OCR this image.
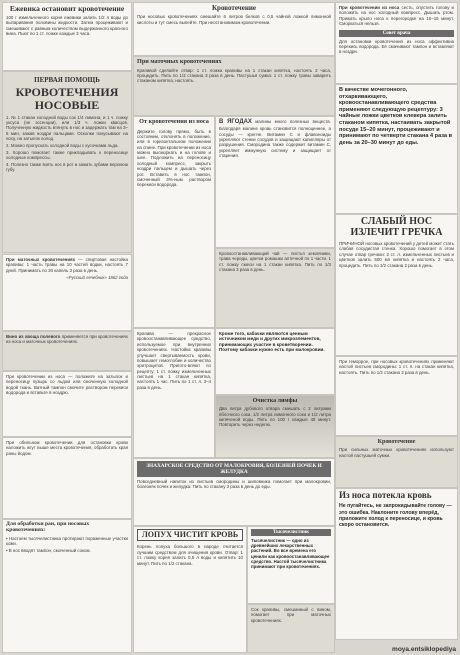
Ежевика остановит кровотечение
100 г измельченного корня ежевики залить 1/2 л воды до выпаривания половины жидкости. Затем процеживают и смешивают с равным количеством выдержанного красного вина. Пьют по 1 ст. ложке каждые 3 часа.
ПЕРВАЯ ПОМОЩЬ
КРОВОТЕЧЕНИЯ НОСОВЫЕ

1. № 1 стакан холодной воды сок 1/4 лимона, и 1 ч. ложку уксуса (не эссенции), или 1/3 ч. ложки квасцов. Полученную жидкость втянуть в нос и задержать там на 3–5 мин, зажав ноздри пальцами. Осколки покусывают на носу, на затылок холод.

2. Можно пропускать холодной воды с кусочками льда.

3. Хорошо помогает также прикладывать к переносице холодные компрессы.

4. Полезно также взять нос в рот и зажать зубами верхнюю губу.

Кровотечение
При носовых кровотечениях смешайте 6 литров белков с 0,5 чайной ложкой лимонной кислоты и тут смесь выпейте. При неостановимом кровотечении.
При маточных кровотечениях
Крапивой сделайте отвар: 1 ст. ложка крапивы на 1 стакан кипятка, настоять 2 часа, процедить. Пить по 1/2 стакана 3 раза в день. Пастушья сумка: 1 ст. ложку травы заварить стаканом кипятка, настоять.
От кровотечения из носа
Держите голову прямо, быть в состоянии, отклонять в положение, или в горизонтальном положении на спине. При кровотечении из носа можно высморкать и на голове и шее. Подложить на переносицу холодный компресс, закрыть ноздри пальцем и дышать через рот. Вставить в нос тампон, смоченный 3%-ным раствором перекиси водорода.
При кровотечении из носа сесть, опустить голову и положить на нос холодный компресс. Дышать ртом. Прижать крыло носа к перегородке на 10–15 минут. Сморкаться нельзя.
Совет врача
Для остановки кровотечения из носа эффективна перекись водорода. Её смачивают тампон и вставляют в ноздри.
В качестве мочегонного, отхаркивающего, кровоостанавливающего средства применяют следующую рецептуру: 3 чайные ложки цветков клевера залить стаканом кипятка, настаивать закрытой посуде 15–20 минут, процеживают и принимают по четверти стакана 4 раза в день за 20–30 минут до еды.
В ЯГОДАХ малины много полезных веществ. Благодаря малине кровь становится полноценнее, а сосуды — крепче. Витамин С и флавоноиды укрепляют стенки сосудов и защищают капилляры от разрушения. Смородина также содержит витамин С, укрепляет иммунную систему и защищает от старения.
Кровоостанавливающий чай — листья земляники, трава череды, цветки ромашки аптечной по 1 части. 1 ст. ложку смеси на 1 стакан кипятка. Пить по 1/3 стакана 3 раза в день.
СЛАБЫЙ НОС ИЗЛЕЧИТ ГРЕЧКА
ПРИЧИНОЙ носовых кровотечений у детей может стать слабая сосудистая стенка. Хорошо помогает в этом случае отвар гречихи: 2 ст. л. измельченных листьев и цветков залить 500 мл кипятка и настоять 2 часа, процедить. Пить по 1/2 стакана 2 раза в день.
Кроме того, кабачки являются ценным источником меди и других микроэлементов, принимающих участие в кроветворении. Поэтому кабачки нужно есть при малокровии.
При маточных кровотечениях — спиртовая настойка крапивы: 1 часть травы на 10 частей водки, настоять 7 дней. Принимать по 30 капель 3 раза в день.
«Русский лечебник» 1862 года
Вино из хвоща полевого применяется при кровотечениях из носа и маточных кровотечениях.
При кровотечении из носа — положите на затылок и переносицу пузырь со льдом или смоченную холодной водой ткань. Ватный тампон смочите раствором перекиси водорода и вставьте в ноздрю.
Крапива — прекрасное кровоостанавливающее средство, используемое при внутренних кровотечениях. Настойка крапивы улучшает свертываемость крови, повышает гемоглобин и количество эритроцитов. Пригото-вляют по рецепту: 1 ст. ложку измельченных листьев на 1 стакан кипятка, настоять 1 час. Пить по 1 ст. л. 3–4 раза в день.
Очистка лимфы
Два литра дубового отвара смешать с 2 литрами яблочного сока, 1/2 литра лимонного сока и 1/2 литра кипяченой воды. Пить по 100 г каждые 40 минут. Повторить через неделю.
При геморрое, при носовых кровотечениях применяют настой листьев смородины: 1 ст. л. на стакан кипятка, настоять. Пить по 1/2 стакана 3 раза в день.
Кровотечение
При сильных маточных кровотечениях используют настой пастушьей сумки.
ЗНАХАРСКОЕ СРЕДСТВО ОТ МАЛОКРОВИЯ, БОЛЕЗНЕЙ ПОЧЕК И ЖЕЛУДКА
Повседневный напиток из листьев смородины и шиповника помогает при малокровии, болезнях почек и желудка. Пить по стакану 3 раза в день до еды.
При обильном кровотечении для остановки крови наложить жгут выше места кровотечения, обработать края раны йодом.
Для обработки ран, при носовых кровотечениях:

• Настоем тысячелистника протирают пораженные участки кожи.

• В нос вводят тампон, смоченный соком.

ЛОПУХ ЧИСТИТ КРОВЬ
Корень лопуха большого в народе считается лучшим средством для очищения крови. Отвар: 1 ст. ложку корня залить 0,5 л воды и кипятить 10 минут. Пить по 1/2 стакана.
Тысячелистник
Тысячелистник — одно из древнейших лекарственных растений. Во все времена его ценили как кровоостанавливающее средство. Настой тысячелистника принимают при кровотечениях.
Сок крапивы, смешанный с вином, помогает при маточных кровотечениях.
Из носа потекла кровь
Не пугайтесь, не запрокидывайте голову — это ошибка. Наклоните голову вперёд, приложите холод к переносице, и кровь скоро остановится.
moya.entsiklopediya
